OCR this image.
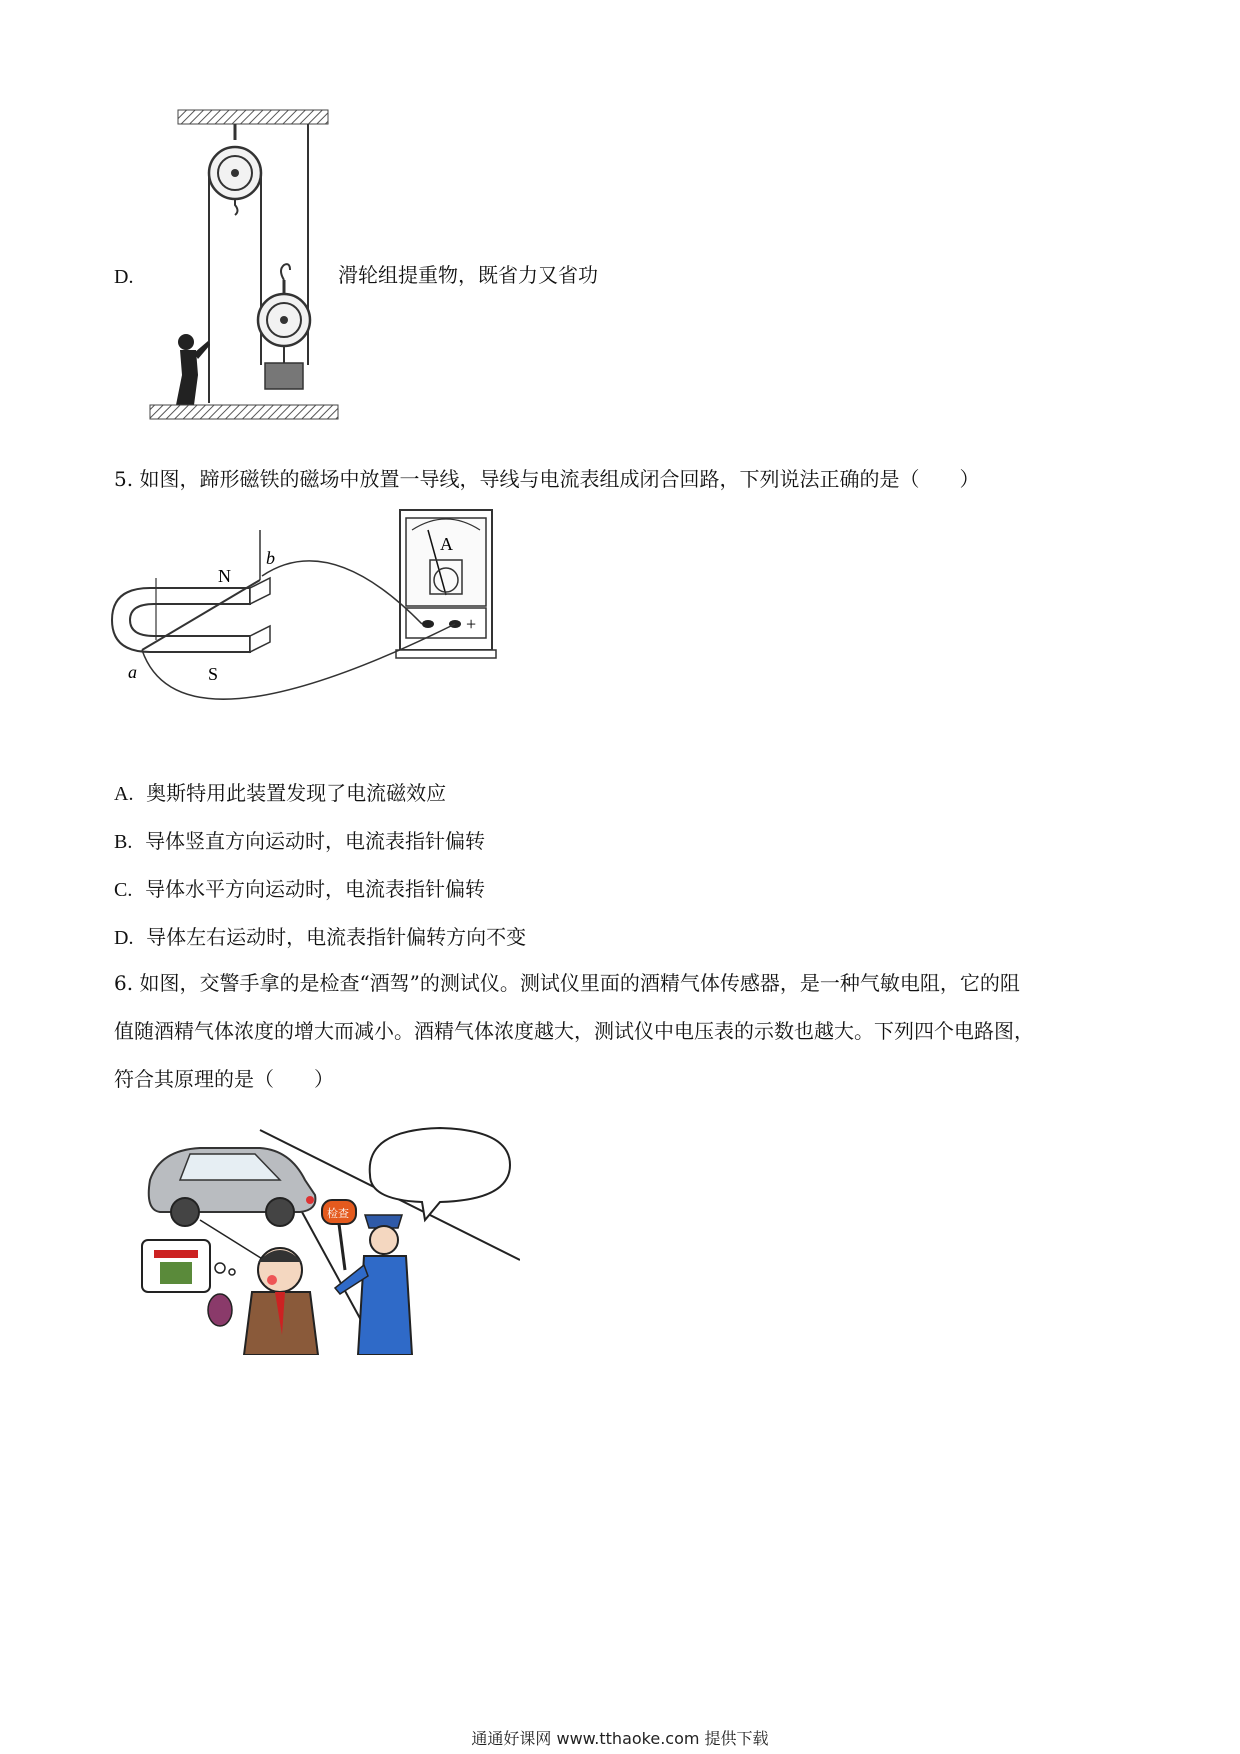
D.	滑轮组提重物，既省力又省功
5. 如图，蹄形磁铁的磁场中放置一导线，导线与电流表组成闭合回路，下列说法正确的是（　　）
A
+
N
S
a
b
A. 奥斯特用此装置发现了电流磁效应
B. 导体竖直方向运动时，电流表指针偏转
C. 导体水平方向运动时，电流表指针偏转
D. 导体左右运动时，电流表指针偏转方向不变
6. 如图，交警手拿的是检查“酒驾”的测试仪。测试仪里面的酒精气体传感器，是一种气敏电阻，它的阻
值随酒精气体浓度的增大而减小。酒精气体浓度越大，测试仪中电压表的示数也越大。下列四个电路图，
符合其原理的是（　　）
检查
通通好课网 www.tthaoke.com 提供下载
